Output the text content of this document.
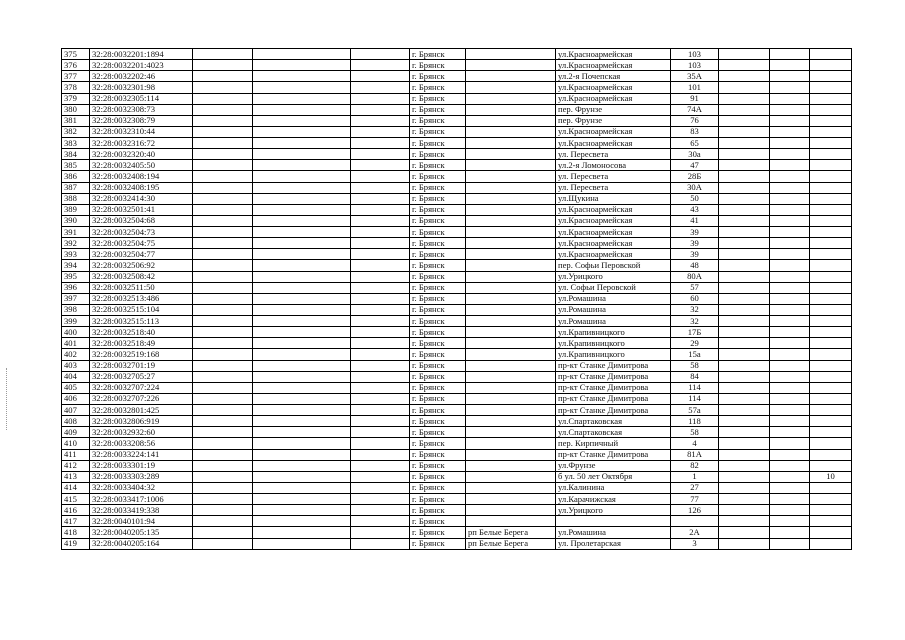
375	32:28:0032201:1894				г. Брянск		ул.Красноармейская	103			
376	32:28:0032201:4023				г. Брянск		ул.Красноармейская	103			
377	32:28:0032202:46				г. Брянск		ул.2-я Почепская	35А			
378	32:28:0032301:98				г. Брянск		ул.Красноармейская	101			
379	32:28:0032305:114				г. Брянск		ул.Красноармейская	91			
380	32:28:0032308:73				г. Брянск		пер. Фрунзе	74А			
381	32:28:0032308:79				г. Брянск		пер. Фрунзе	76			
382	32:28:0032310:44				г. Брянск		ул.Красноармейская	83			
383	32:28:0032316:72				г. Брянск		ул.Красноармейская	65			
384	32:28:0032320:40				г. Брянск		ул. Пересвета	30а			
385	32:28:0032405:50				г. Брянск		ул.2-я Ломоносова	47			
386	32:28:0032408:194				г. Брянск		ул. Пересвета	28Б			
387	32:28:0032408:195				г. Брянск		ул. Пересвета	30А			
388	32:28:0032414:30				г. Брянск		ул.Щукина	50			
389	32:28:0032501:41				г. Брянск		ул.Красноармейская	43			
390	32:28:0032504:68				г. Брянск		ул.Красноармейская	41			
391	32:28:0032504:73				г. Брянск		ул.Красноармейская	39			
392	32:28:0032504:75				г. Брянск		ул.Красноармейская	39			
393	32:28:0032504:77				г. Брянск		ул.Красноармейская	39			
394	32:28:0032506:92				г. Брянск		пер. Софьи Перовской	48			
395	32:28:0032508:42				г. Брянск		ул.Урицкого	80А			
396	32:28:0032511:50				г. Брянск		ул. Софьи Перовской	57			
397	32:28:0032513:486				г. Брянск		ул.Ромашина	60			
398	32:28:0032515:104				г. Брянск		ул.Ромашина	32			
399	32:28:0032515:113				г. Брянск		ул.Ромашина	32			
400	32:28:0032518:40				г. Брянск		ул.Крапивницкого	17Б			
401	32:28:0032518:49				г. Брянск		ул.Крапивницкого	29			
402	32:28:0032519:168				г. Брянск		ул.Крапивницкого	15а			
403	32:28:0032701:19				г. Брянск		пр-кт Станке Димитрова	58			
404	32:28:0032705:27				г. Брянск		пр-кт Станке Димитрова	84			
405	32:28:0032707:224				г. Брянск		пр-кт Станке Димитрова	114			
406	32:28:0032707:226				г. Брянск		пр-кт Станке Димитрова	114			
407	32:28:0032801:425				г. Брянск		пр-кт Станке Димитрова	57а			
408	32:28:0032806:919				г. Брянск		ул.Спартаковская	118			
409	32:28:0032932:60				г. Брянск		ул.Спартаковская	58			
410	32:28:0033208:56				г. Брянск		пер. Кирпичный	4			
411	32:28:0033224:141				г. Брянск		пр-кт Станке Димитрова	81А			
412	32:28:0033301:19				г. Брянск		ул.Фрунзе	82			
413	32:28:0033303:289				г. Брянск		б ул. 50 лет Октября	1			10
414	32:28:0033404:32				г. Брянск		ул.Калинина	27			
415	32:28:0033417:1006				г. Брянск		ул.Карачижская	77			
416	32:28:0033419:338				г. Брянск		ул.Урицкого	126			
417	32:28:0040101:94				г. Брянск						
418	32:28:0040205:135				г. Брянск	рп Белые Берега	ул.Ромашина	2А			
419	32:28:0040205:164				г. Брянск	рп Белые Берега	ул. Пролетарская	3			
